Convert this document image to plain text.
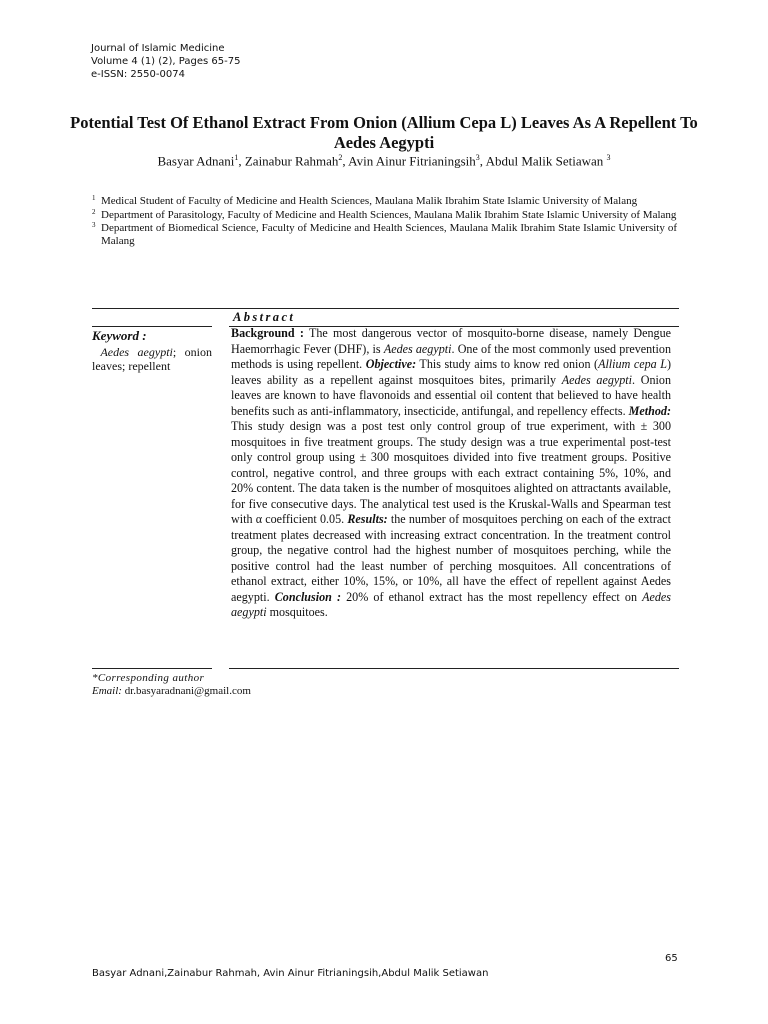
Journal of Islamic Medicine
Volume 4 (1) (2), Pages 65-75
e-ISSN: 2550-0074
Potential Test Of Ethanol Extract From Onion (Allium Cepa L) Leaves As A Repellent To Aedes Aegypti
Basyar Adnani$^1$, Zainabur Rahmah$^2$, Avin Ainur Fitrianingsih$^3$, Abdul Malik Setiawan $^3$
1 Medical Student of Faculty of Medicine and Health Sciences, Maulana Malik Ibrahim State Islamic University of Malang
2 Department of Parasitology, Faculty of Medicine and Health Sciences, Maulana Malik Ibrahim State Islamic University of Malang
3 Department of Biomedical Science, Faculty of Medicine and Health Sciences, Maulana Malik Ibrahim State Islamic University of Malang
Abstract
Keyword :
Aedes aegypti; onion leaves; repellent
Background : The most dangerous vector of mosquito-borne disease, namely Dengue Haemorrhagic Fever (DHF), is Aedes aegypti. One of the most commonly used prevention methods is using repellent. Objective: This study aims to know red onion (Allium cepa L) leaves ability as a repellent against mosquitoes bites, primarily Aedes aegypti. Onion leaves are known to have flavonoids and essential oil content that believed to have health benefits such as anti-inflammatory, insecticide, antifungal, and repellency effects. Method: This study design was a post test only control group of true experiment, with ± 300 mosquitoes in five treatment groups. The study design was a true experimental post-test only control group using ± 300 mosquitoes divided into five treatment groups. Positive control, negative control, and three groups with each extract containing 5%, 10%, and 20% content. The data taken is the number of mosquitoes alighted on attractants available, for five consecutive days. The analytical test used is the Kruskal-Walls and Spearman test with α coefficient 0.05. Results: the number of mosquitoes perching on each of the extract treatment plates decreased with increasing extract concentration. In the treatment control group, the negative control had the highest number of mosquitoes perching, while the positive control had the least number of perching mosquitoes. All concentrations of ethanol extract, either 10%, 15%, or 10%, all have the effect of repellent against Aedes aegypti. Conclusion : 20% of ethanol extract has the most repellency effect on Aedes aegypti mosquitoes.
*Corresponding author
Email: dr.basyaradnani@gmail.com
65
Basyar Adnani,Zainabur Rahmah, Avin Ainur Fitrianingsih,Abdul Malik Setiawan
